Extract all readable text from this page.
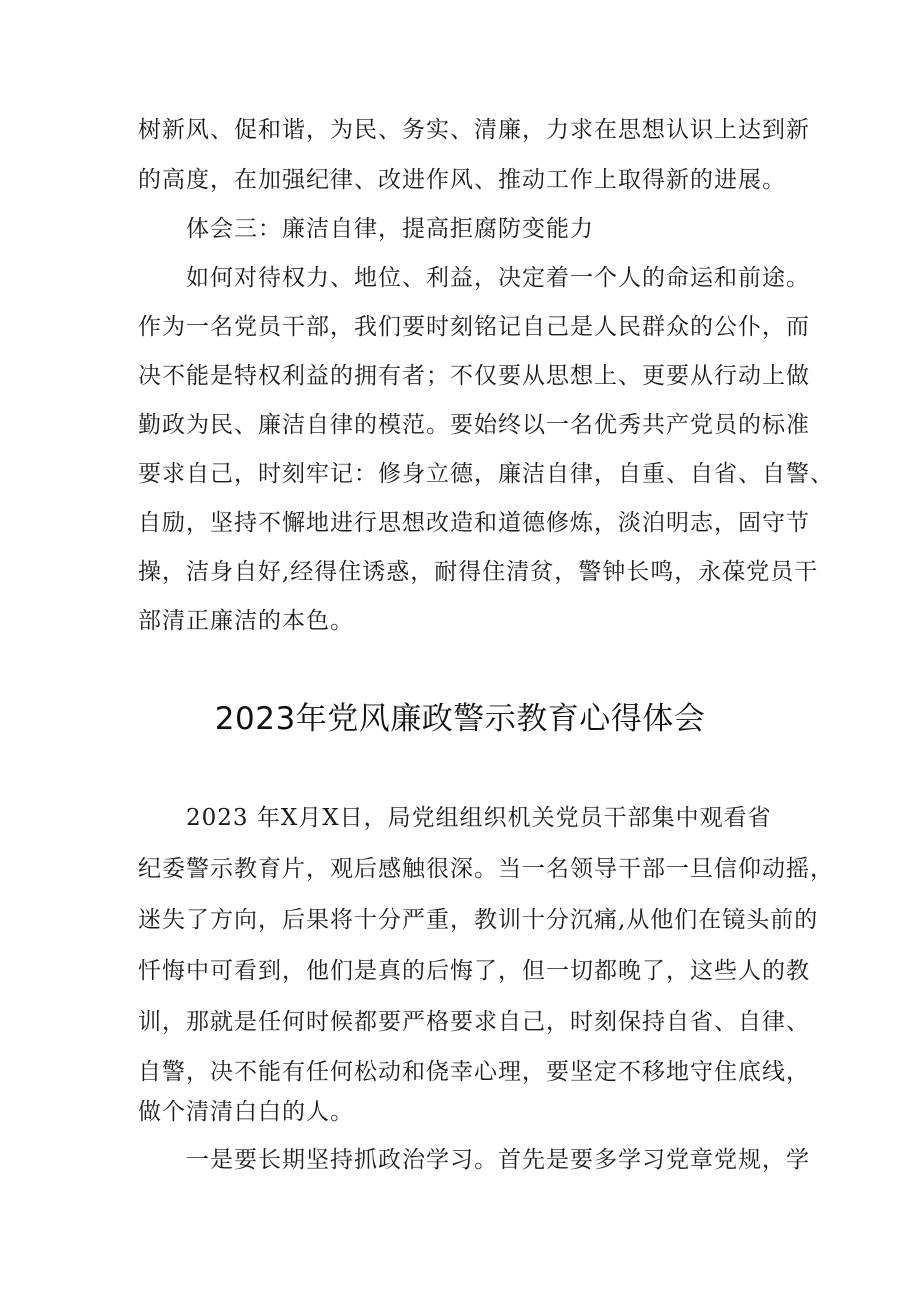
树新风、促和谐，为民、务实、清廉，力求在思想认识上达到新
的高度，在加强纪律、改进作风、推动工作上取得新的进展。
体会三：廉洁自律，提高拒腐防变能力
如何对待权力、地位、利益，决定着一个人的命运和前途。
作为一名党员干部，我们要时刻铭记自己是人民群众的公仆，而
决不能是特权利益的拥有者；不仅要从思想上、更要从行动上做
勤政为民、廉洁自律的模范。要始终以一名优秀共产党员的标准
要求自己，时刻牢记：修身立德，廉洁自律，自重、自省、自警、
自励，坚持不懈地进行思想改造和道德修炼，淡泊明志，固守节
操，洁身自好,经得住诱惑，耐得住清贫，警钟长鸣，永葆党员干
部清正廉洁的本色。
2023年党风廉政警示教育心得体会
2023 年X月X日，局党组组织机关党员干部集中观看省
纪委警示教育片，观后感触很深。当一名领导干部一旦信仰动摇，
迷失了方向，后果将十分严重，教训十分沉痛,从他们在镜头前的
忏悔中可看到，他们是真的后悔了，但一切都晚了，这些人的教
训，那就是任何时候都要严格要求自己，时刻保持自省、自律、
自警，决不能有任何松动和侥幸心理，要坚定不移地守住底线，
做个清清白白的人。
一是要长期坚持抓政治学习。首先是要多学习党章党规，学
